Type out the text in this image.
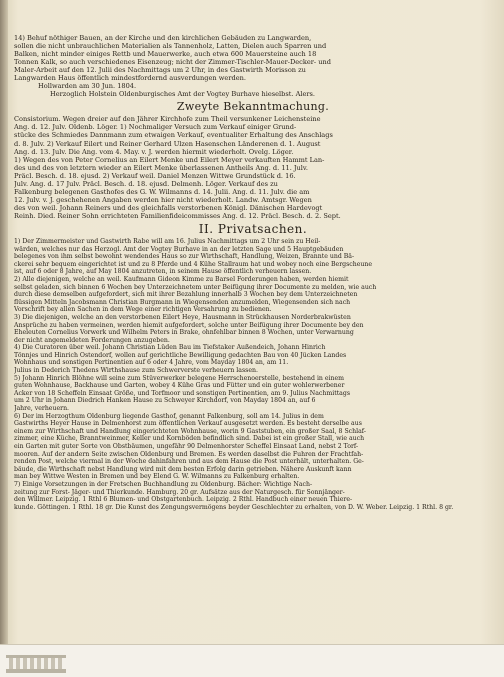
14) Behuf nöthiger Bauen, an der Kirche und den kirchlichen Gebäuden zu Langwarden,
sollen die nicht unbrauchlichen Materialien als Tannenholz, Latten, Dielen auch Sparren und
Balken, nicht minder einiges Rettb und Mauerwerke, auch etwa 600 Mauersteine auch 18
Tonnen Kalk, so auch verschiedenes Eisenzeug; nicht der Zimmer-Tischler-Mauer-Decker- und
Maler-Arbeit auf den 12. Julii des Nachmittags um 2 Uhr, in des Gastwirth Morisson zu
Langwarden Haus öffentlich mindestfordernd ausverdungen werden.
Hollwarden am 30 Jun. 1804.
Herzoglich Holstein Oldenburgisches Amt der Vogtey Burhave hieselbst. Alers.
Zweyte Bekanntmachung.
Consistorium. Wegen dreier auf den Jährer Kirchhofe zum Theil versunkener Leichensteine
Ang. d. 12. Julv. Oldenb. Löger. 1) Nochmaliger Versuch zum Verkauf einiger Grund-
stücke des Schmiedes Dannmann zum etwaigen Verkauf, eventualiter Erhaltung des Anschlags
d. 8. Julv. 2) Verkauf Eilert und Reiner Gerhard Ulzen Hasenschen Länderenen d. 1. August
Ang. d. 13. Julv. Die Ang. vom 4. May. v. J. werden hiermit wiederholt. Ovelg. Löger.
1) Wegen des von Peter Cornelius an Eilert Menke und Eilert Meyer verkauften Hammt Lan-
des und des von letztern wieder an Eilert Menke überlassenen Antheils Ang. d. 11. Julv.
Präcl. Besch. d. 18. ejusd. 2) Verkauf weil. Daniel Menzen Wittwe Grundstück d. 16.
Julv. Ang. d. 17 Julv. Präcl. Besch. d. 18. ejusd. Delmenh. Löger. Verkauf des zu
Falkenburg belegenen Gasthofes des G. W. Wilmanns d. 14. Julii. Ang. d. 11. Julv. die am
12. Julv. v. J. geschehenen Angaben werden hier nicht wiederholt. Landw. Amtsgr. Wegen
des von weil. Johann Reiners und des gleichfalls verstorbenen Königl. Dänischen Hardevogt
Reinh. Died. Reiner Sohn errichteten Familienfideicommisses Ang. d. 12. Präcl. Besch. d. 2. Sept.
II. Privatsachen.
1) Der Zimmermeister und Gastwirth Rabe will am 16. Julius Nachmittags um 2 Uhr sein zu Heil-
wärden, welches nur das Herzogl. Amt der Vogtey Burhave in an der letzten Sage und 5 Hauptgebäuden
belegenes von ihm selbst bewohnt wendendes Haus so zur Wirthschaft, Handlung, Weizen, Brannte und Bä-
ckerei sehr bequem eingerichtet ist und zu 8 Pferde und 4 Kühe Stallraum hat und wobey noch eine Bergscheune
ist, auf 6 oder 8 Jahre, auf May 1804 anzutreten, in seinem Hause öffentlich verheuern lassen.
2) Alle diejenigen, welche an weil. Kaufmann Gideon Kimme zu Barsel Forderungen haben, werden hiemit
selbst geladen, sich binnen 6 Wochen bey Unterzeichnetem unter Beifügung ihrer Documente zu melden, wie auch
durch diese demselben aufgefordert, sich mit ihrer Bezahlung innerhalb 3 Wochen bey dem Unterzeichneten
flüssigen Mitteln Jacobsmann Christian Burgmann in Wiegensenden anzumelden, Wiegensenden sich nach
Vorschrift bey allen Sachen in dem Wege einer richtigen Versahrung zu bedienen.
3) Die diejenigen, welche an den verstorbenen Eilert Heye, Hausmann in Strückhausen Norderbrakwüsten
Ansprüche zu haben vermeinen, werden hiemit aufgefordert, solche unter Beifügung ihrer Documente bey den
Eheleuten Cornelius Vorwerk und Wilhelm Peters in Brake, ohnfehlbar binnen 8 Wochen, unter Verwarnung
der nicht angemeldeten Forderungen anzugeben.
4) Die Curatoren über weil. Johann Christian Lüden Bau im Tiefstaker Außendeich, Johann Hinrich
Tönnjes und Hinrich Ostendorf, wollen auf gerichtliche Bewilligung gedachten Bau von 40 Jücken Landes
Wohnhaus und sonstigen Pertinentien auf 6 oder 4 Jahre, vom Mayday 1804 an, am 11.
Julius in Dederich Thedens Wirthshause zum Schwerverste verheuern lassen.
5) Johann Hinrich Blöhne will seine zum Stüverwerker belegene Herrschenoerstelle, bestehend in einem
guten Wohnhause, Backhause und Garten, wobey 4 Kühe Gras und Fütter und ein guter wohlerwerbener
Acker von 18 Scheffeln Einsaat Größe, und Torfmoor und sonstigen Pertinentien, am 9. Julius Nachmittags
um 2 Uhr in Johann Diedrich Hanken Hause zu Schweyer Kirchdorf, von Mayday 1804 an, auf 6
Jahre, verheuern.
6) Der im Herzogthum Oldenburg liegende Gasthof, genannt Falkenburg, soll am 14. Julius in dem
Gastwirths Heyer Hause in Delmenhorst zum öffentlichen Verkauf ausgesetzt werden. Es besteht derselbe aus
einem zur Wirthschaft und Handlung eingerichteten Wohnhause, worin 9 Gaststuben, ein großer Saal, 8 Schlaf-
zimmer, eine Küche, Branntweinmer, Keller und Kornböden befindlich sind. Dabei ist ein großer Stall, wie auch
ein Garten mit guter Sorte von Obstbäumen, ungefähr 90 Delmenhorster Scheffel Einsaat Land, nebst 2 Torf-
mooren. Auf der andern Seite zwischen Oldenburg und Bremen. Es werden daselbst die Fuhren der Frachtfah-
renden Post, welche viermal in der Woche dahinfahren und aus dem Hause die Post unterhält, unterhalten. Ge-
bäude, die Wirthschaft nebst Handlung wird mit dem besten Erfolg darin getrieben. Nähere Auskunft kann
man bey Wittwe Westen in Bremen und bey Elend G. W. Wilmanns zu Falkenburg erhalten.
7) Einige Vorsetzungen in der Fretschen Buchhandlung zu Oldenburg. Bächer: Wichtige Nach-
zeitung zur Forst- Jäger- und Thierkunde. Hamburg. 20 gr. Aufsätze aus der Naturgesch. für Sonnjänger-
den Willmer. Leipzig. 1 Rthl 6 Blumen- und Obstgartenbuch. Leipzig. 2 Rthl. Handbuch einer neuen Thiere-
kunde. Göttingen. 1 Rthl. 18 gr. Die Kunst des Zengungsvermögens beyder Geschlechter zu erhalten, von D. W. Weber. Leipzig. 1 Rthl. 8 gr.
